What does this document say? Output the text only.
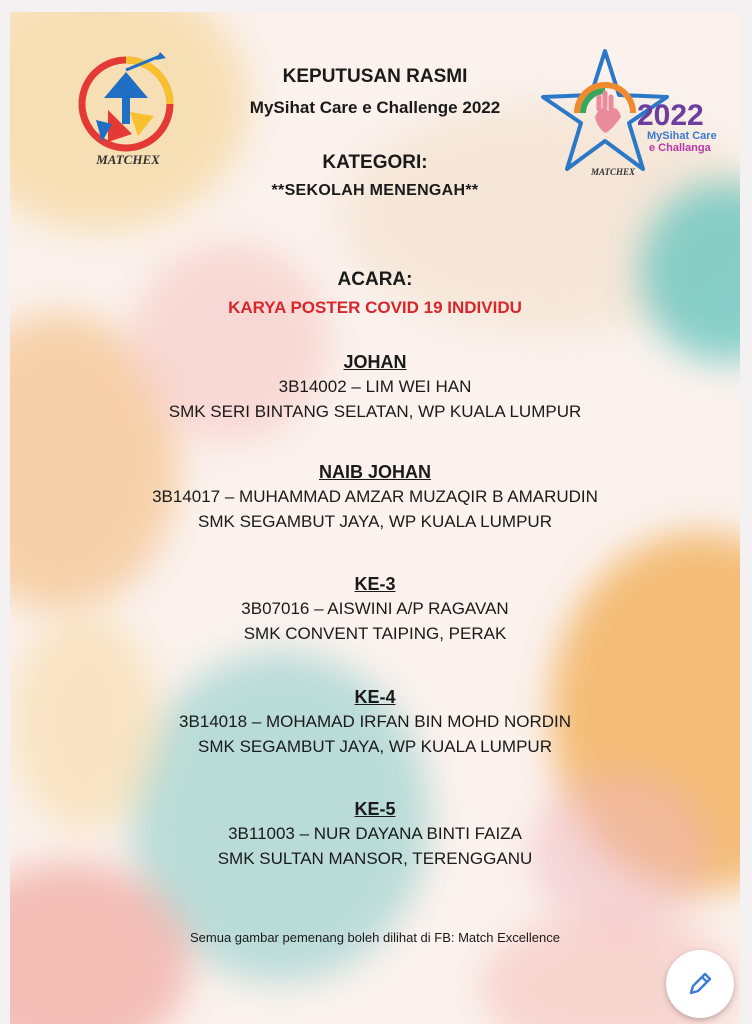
MATCHEX
2022
MySihat Care
e Challanga
MATCHEX
KEPUTUSAN RASMI
MySihat Care e Challenge 2022
KATEGORI:
**SEKOLAH MENENGAH**
ACARA:
KARYA POSTER COVID 19 INDIVIDU
JOHAN
3B14002 – LIM WEI HAN
SMK SERI BINTANG SELATAN, WP KUALA LUMPUR
NAIB JOHAN
3B14017 – MUHAMMAD AMZAR MUZAQIR B AMARUDIN
SMK SEGAMBUT JAYA, WP KUALA LUMPUR
KE-3
3B07016 – AISWINI A/P RAGAVAN
SMK CONVENT TAIPING, PERAK
KE-4
3B14018 – MOHAMAD IRFAN BIN MOHD NORDIN
SMK SEGAMBUT JAYA, WP KUALA LUMPUR
KE-5
3B11003 – NUR DAYANA BINTI FAIZA
SMK SULTAN MANSOR, TERENGGANU
Semua gambar pemenang boleh dilihat di FB: Match Excellence
